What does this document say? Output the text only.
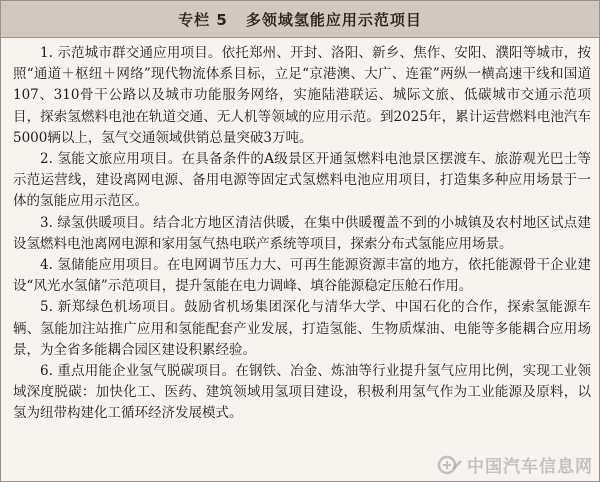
专栏 5 多领域氢能应用示范项目

1. 示范城市群交通应用项目。依托郑州、开封、洛阳、新乡、焦作、安阳、濮阳等城市，按照“通道＋枢纽＋网络”现代物流体系目标，立足“京港澳、大广、连霍”两纵一横高速干线和国道107、310骨干公路以及城市功能服务网络，实施陆港联运、城际文旅、低碳城市交通示范项目，探索氢燃料电池在轨道交通、无人机等领域的应用示范。到2025年，累计运营燃料电池汽车5000辆以上，氢气交通领域供销总量突破3万吨。

2. 氢能文旅应用项目。在具备条件的A级景区开通氢燃料电池景区摆渡车、旅游观光巴士等示范运营线，建设离网电源、备用电源等固定式氢燃料电池应用项目，打造集多种应用场景于一体的氢能应用示范区。

3. 绿氢供暖项目。结合北方地区清洁供暖，在集中供暖覆盖不到的小城镇及农村地区试点建设氢燃料电池离网电源和家用氢气热电联产系统等项目，探索分布式氢能应用场景。

4. 氢储能应用项目。在电网调节压力大、可再生能源资源丰富的地方，依托能源骨干企业建设“风光水氢储”示范项目，提升氢能在电力调峰、填谷能源稳定压舱石作用。

5. 新郑绿色机场项目。鼓励省机场集团深化与清华大学、中国石化的合作，探索氢能源车辆、氢能加注站推广应用和氢能配套产业发展，打造氢能、生物质煤油、电能等多能耦合应用场景，为全省多能耦合园区建设积累经验。

6. 重点用能企业氢气脱碳项目。在钢铁、冶金、炼油等行业提升氢气应用比例，实现工业领域深度脱碳：加快化工、医药、建筑领域用氢项目建设，积极利用氢气作为工业能源及原料，以氢为纽带构建化工循环经济发展模式。

中国汽车信息网
